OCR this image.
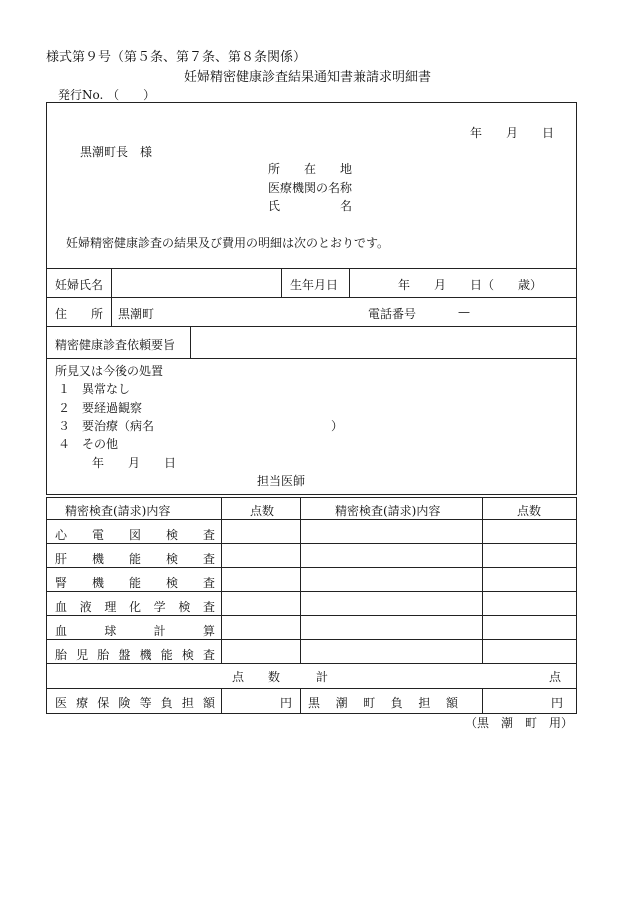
様式第９号（第５条、第７条、第８条関係）
妊婦精密健康診査結果通知書兼請求明細書
発行No. （　　）
年　　月　　日
黒潮町長　様
所　　在　　地
医療機関の名称
氏　　　　　名
妊婦精密健康診査の結果及び費用の明細は次のとおりです。
妊婦氏名	生年月日	年　　月　　日（　　歳）
住　　所 黒潮町	電話番号	—
精密健康診査依頼要旨
所見又は今後の処置
１　異常なし
２　要経過観察
３　要治療（病名	）
４　その他
年　　月　　日
担当医師
精密検査(請求)内容	点数	精密検査(請求)内容	点数
心電図検査
肝機能検査
腎機能検査
血液理化学検査
血球計算
胎児胎盤機能検査
点　　数　　　計	点
医療保険等負担額	円 黒潮町負担額	円
（黒　潮　町　用）
